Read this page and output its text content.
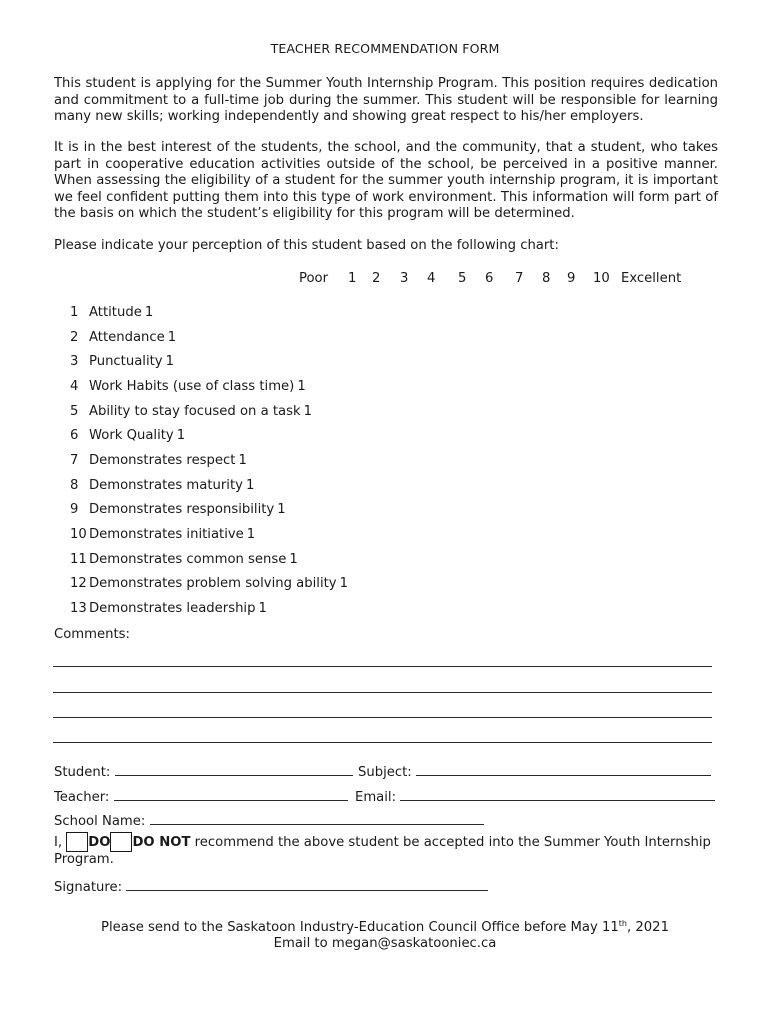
TEACHER RECOMMENDATION FORM

This student is applying for the Summer Youth Internship Program. This position requires dedication and commitment to a full-time job during the summer. This student will be responsible for learning many new skills; working independently and showing great respect to his/her employers.

It is in the best interest of the students, the school, and the community, that a student, who takes part in cooperative education activities outside of the school, be perceived in a positive manner. When assessing the eligibility of a student for the summer youth internship program, it is important we feel confident putting them into this type of work environment. This information will form part of the basis on which the student’s eligibility for this program will be determined.

Please indicate your perception of this student based on the following chart:

Poor 1 2 3 4 5 6 7 8 9 10 Excellent
1 Attitude 1
2 Attendance 1
3 Punctuality 1
4 Work Habits (use of class time) 1
5 Ability to stay focused on a task 1
6 Work Quality 1
7 Demonstrates respect 1
8 Demonstrates maturity 1
9 Demonstrates responsibility 1
10 Demonstrates initiative 1
11 Demonstrates common sense 1
12 Demonstrates problem solving ability 1
13 Demonstrates leadership 1
Comments:
Student:	Subject:
Teacher:	Email:
School Name:
I, DO DO NOT recommend the above student be accepted into the Summer Youth Internship Program.
Signature:
Please send to the Saskatoon Industry-Education Council Office before May 11th, 2021
Email to megan@saskatooniec.ca
